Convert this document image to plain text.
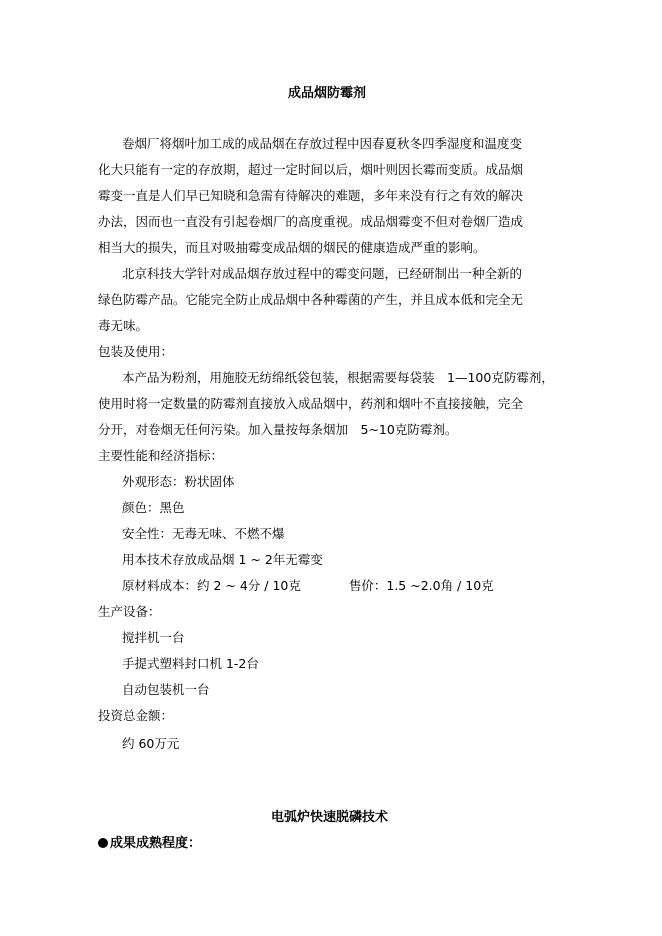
成品烟防霉剂
卷烟厂将烟叶加工成的成品烟在存放过程中因春夏秋冬四季湿度和温度变
化大只能有一定的存放期，超过一定时间以后，烟叶则因长霉而变质。成品烟
霉变一直是人们早已知晓和急需有待解决的难题，多年来没有行之有效的解决
办法，因而也一直没有引起卷烟厂的高度重视。成品烟霉变不但对卷烟厂造成
相当大的损失，而且对吸抽霉变成品烟的烟民的健康造成严重的影响。
北京科技大学针对成品烟存放过程中的霉变问题，已经研制出一种全新的
绿色防霉产品。它能完全防止成品烟中各种霉菌的产生，并且成本低和完全无
毒无味。
包装及使用：
本产品为粉剂，用施胶无纺绵纸袋包装，根据需要每袋装　1—100克防霉剂，
使用时将一定数量的防霉剂直接放入成品烟中，药剂和烟叶不直接接触，完全
分开，对卷烟无任何污染。加入量按每条烟加　5~10克防霉剂。
主要性能和经济指标：
外观形态：粉状固体
颜色：黑色
安全性：无毒无味、不燃不爆
用本技术存放成品烟 1 ~ 2年无霉变
原材料成本：约 2 ~ 4分 / 10克	售价：1.5 ~2.0角 / 10克
生产设备：
搅拌机一台
手提式塑料封口机 1-2台
自动包装机一台
投资总金额：
约 60万元
电弧炉快速脱磷技术
成果成熟程度：
